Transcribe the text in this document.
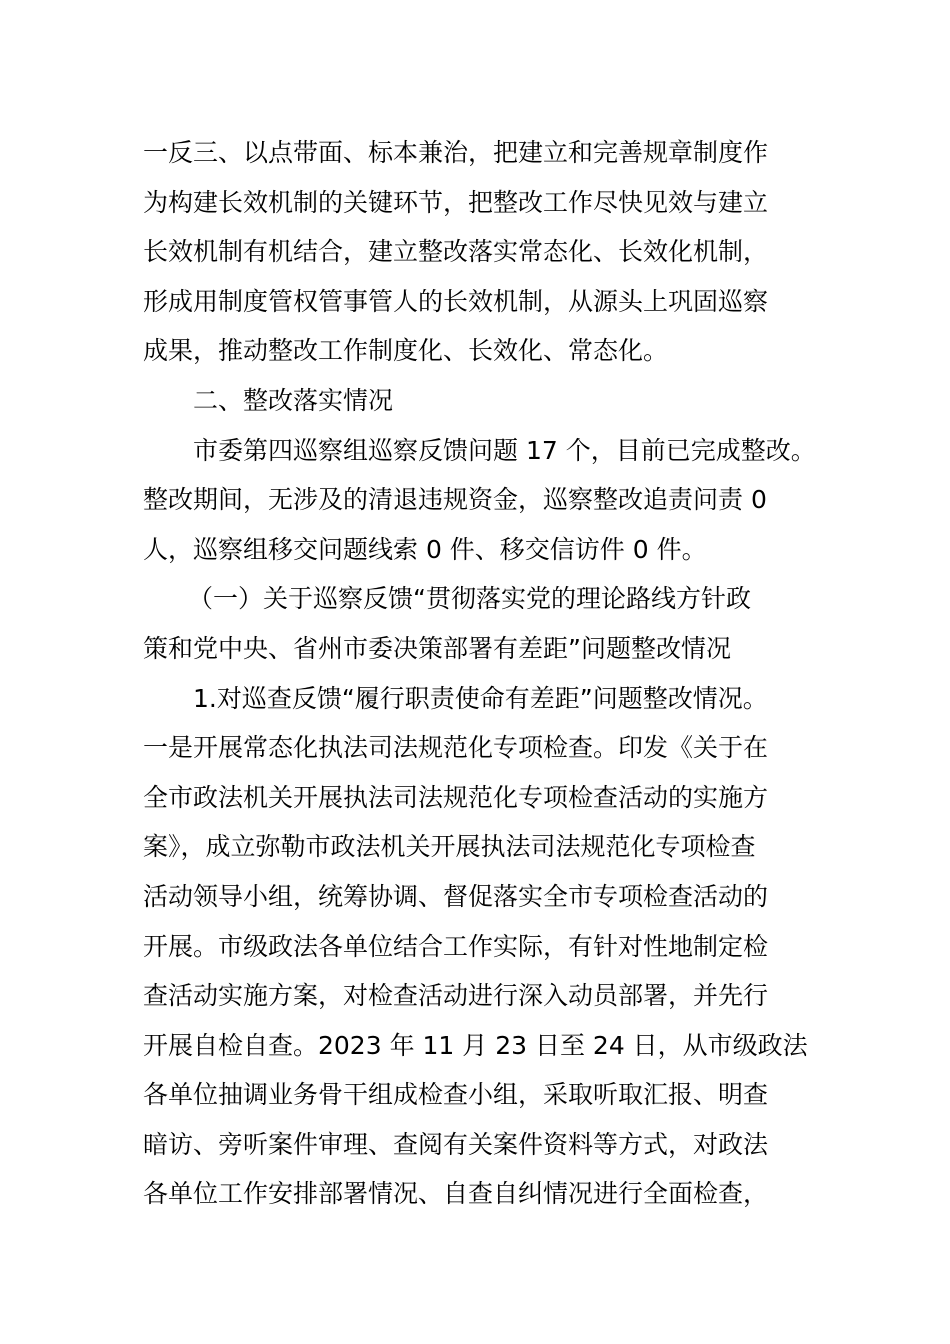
一反三、以点带面、标本兼治，把建立和完善规章制度作
为构建长效机制的关键环节，把整改工作尽快见效与建立
长效机制有机结合，建立整改落实常态化、长效化机制，
形成用制度管权管事管人的长效机制，从源头上巩固巡察
成果，推动整改工作制度化、长效化、常态化。
二、整改落实情况
市委第四巡察组巡察反馈问题 17 个，目前已完成整改。
整改期间，无涉及的清退违规资金，巡察整改追责问责 0
人，巡察组移交问题线索 0 件、移交信访件 0 件。
（一）关于巡察反馈“贯彻落实党的理论路线方针政
策和党中央、省州市委决策部署有差距”问题整改情况
1.对巡查反馈“履行职责使命有差距”问题整改情况。
一是开展常态化执法司法规范化专项检查。印发《关于在
全市政法机关开展执法司法规范化专项检查活动的实施方
案》，成立弥勒市政法机关开展执法司法规范化专项检查
活动领导小组，统筹协调、督促落实全市专项检查活动的
开展。市级政法各单位结合工作实际，有针对性地制定检
查活动实施方案，对检查活动进行深入动员部署，并先行
开展自检自查。2023 年 11 月 23 日至 24 日，从市级政法
各单位抽调业务骨干组成检查小组，采取听取汇报、明查
暗访、旁听案件审理、查阅有关案件资料等方式，对政法
各单位工作安排部署情况、自查自纠情况进行全面检查，
